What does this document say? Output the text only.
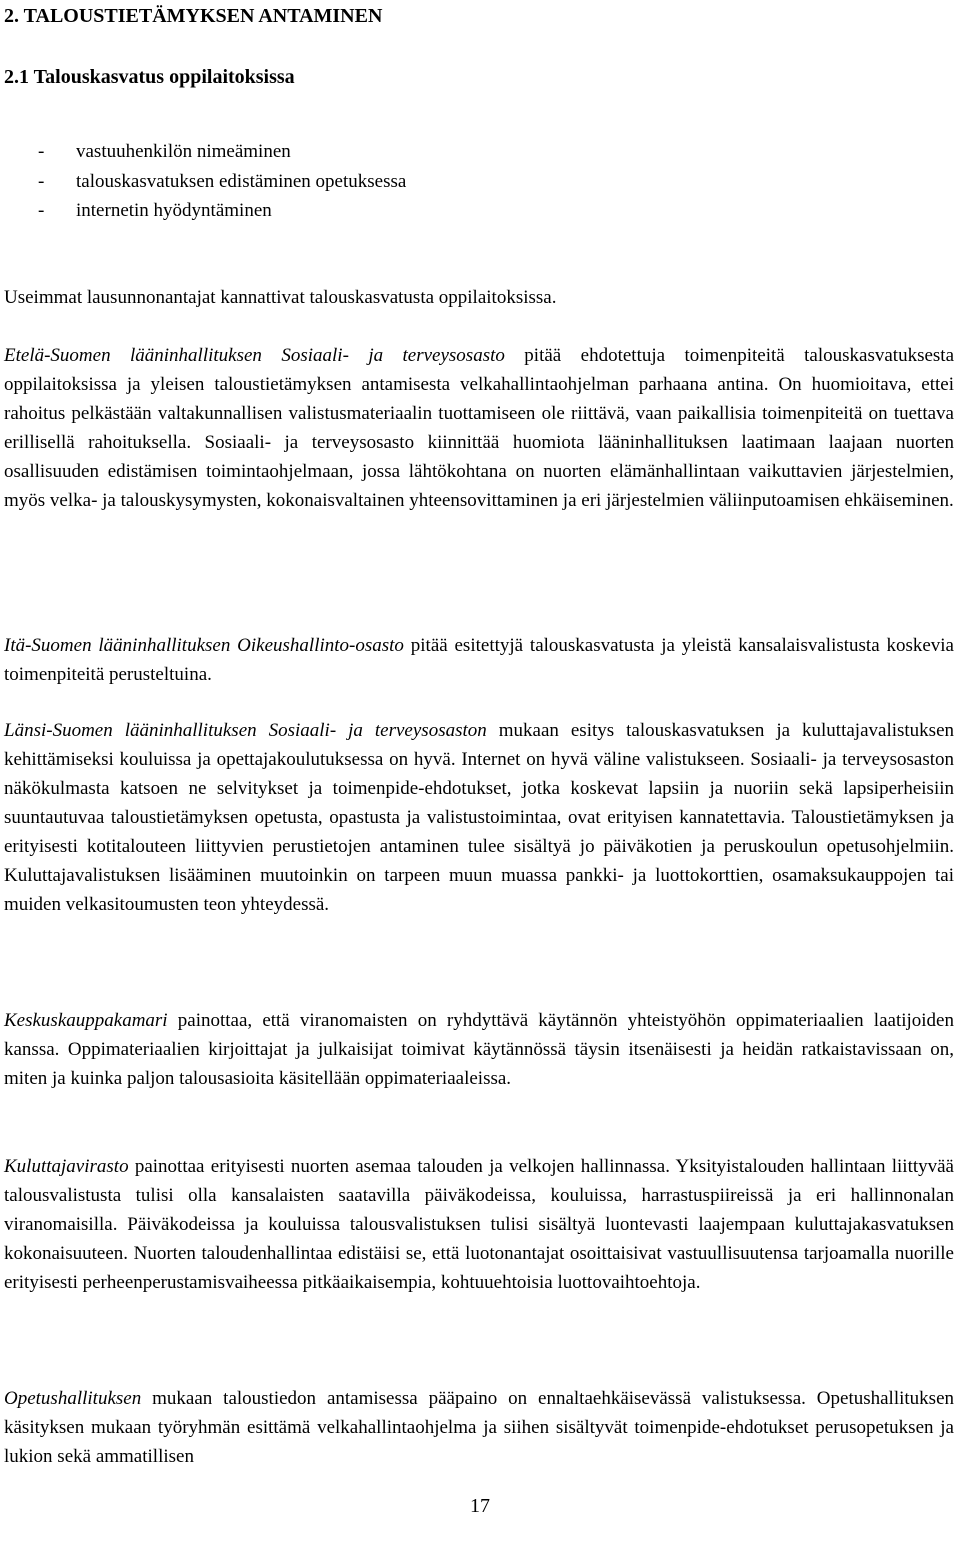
2. TALOUSTIETÄMYKSEN ANTAMINEN
2.1 Talouskasvatus oppilaitoksissa
- vastuuhenkilön nimeäminen
- talouskasvatuksen edistäminen opetuksessa
- internetin hyödyntäminen

Useimmat lausunnonantajat kannattivat talouskasvatusta oppilaitoksissa.

Etelä-Suomen lääninhallituksen Sosiaali- ja terveysosasto pitää ehdotettuja toimenpiteitä talouskasvatuksesta oppilaitoksissa ja yleisen taloustietämyksen antamisesta velkahallintaohjelman parhaana antina. On huomioitava, ettei rahoitus pelkästään valtakunnallisen valistusmateriaalin tuottamiseen ole riittävä, vaan paikallisia toimenpiteitä on tuettava erillisellä rahoituksella. Sosiaali- ja terveysosasto kiinnittää huomiota lääninhallituksen laatimaan laajaan nuorten osallisuuden edistämisen toimintaohjelmaan, jossa lähtökohtana on nuorten elämänhallintaan vaikuttavien järjestelmien, myös velka- ja talouskysymysten, kokonaisvaltainen yhteensovittaminen ja eri järjestelmien väliinputoamisen ehkäiseminen.

Itä-Suomen lääninhallituksen Oikeushallinto-osasto pitää esitettyjä talouskasvatusta ja yleistä kansalaisvalistusta koskevia toimenpiteitä perusteltuina.

Länsi-Suomen lääninhallituksen Sosiaali- ja terveysosaston mukaan esitys talouskasvatuksen ja kuluttajavalistuksen kehittämiseksi kouluissa ja opettajakoulutuksessa on hyvä. Internet on hyvä väline valistukseen. Sosiaali- ja terveysosaston näkökulmasta katsoen ne selvitykset ja toimenpide-ehdotukset, jotka koskevat lapsiin ja nuoriin sekä lapsiperheisiin suuntautuvaa taloustietämyksen opetusta, opastusta ja valistustoimintaa, ovat erityisen kannatettavia. Taloustietämyksen ja erityisesti kotitalouteen liittyvien perustietojen antaminen tulee sisältyä jo päiväkotien ja peruskoulun opetusohjelmiin. Kuluttajavalistuksen lisääminen muutoinkin on tarpeen muun muassa pankki- ja luottokorttien, osamaksukauppojen tai muiden velkasitoumusten teon yhteydessä.

Keskuskauppakamari painottaa, että viranomaisten on ryhdyttävä käytännön yhteistyöhön oppimateriaalien laatijoiden kanssa. Oppimateriaalien kirjoittajat ja julkaisijat toimivat käytännössä täysin itsenäisesti ja heidän ratkaistavissaan on, miten ja kuinka paljon talousasioita käsitellään oppimateriaaleissa.

Kuluttajavirasto painottaa erityisesti nuorten asemaa talouden ja velkojen hallinnassa. Yksityistalouden hallintaan liittyvää talousvalistusta tulisi olla kansalaisten saatavilla päiväkodeissa, kouluissa, harrastuspiireissä ja eri hallinnonalan viranomaisilla. Päiväkodeissa ja kouluissa talousvalistuksen tulisi sisältyä luontevasti laajempaan kuluttajakasvatuksen kokonaisuuteen. Nuorten taloudenhallintaa edistäisi se, että luotonantajat osoittaisivat vastuullisuutensa tarjoamalla nuorille erityisesti perheenperustamisvaiheessa pitkäaikaisempia, kohtuuehtoisia luottovaihtoehtoja.

Opetushallituksen mukaan taloustiedon antamisessa pääpaino on ennaltaehkäisevässä valistuksessa. Opetushallituksen käsityksen mukaan työryhmän esittämä velkahallintaohjelma ja siihen sisältyvät toimenpide-ehdotukset perusopetuksen ja lukion sekä ammatillisen

17
